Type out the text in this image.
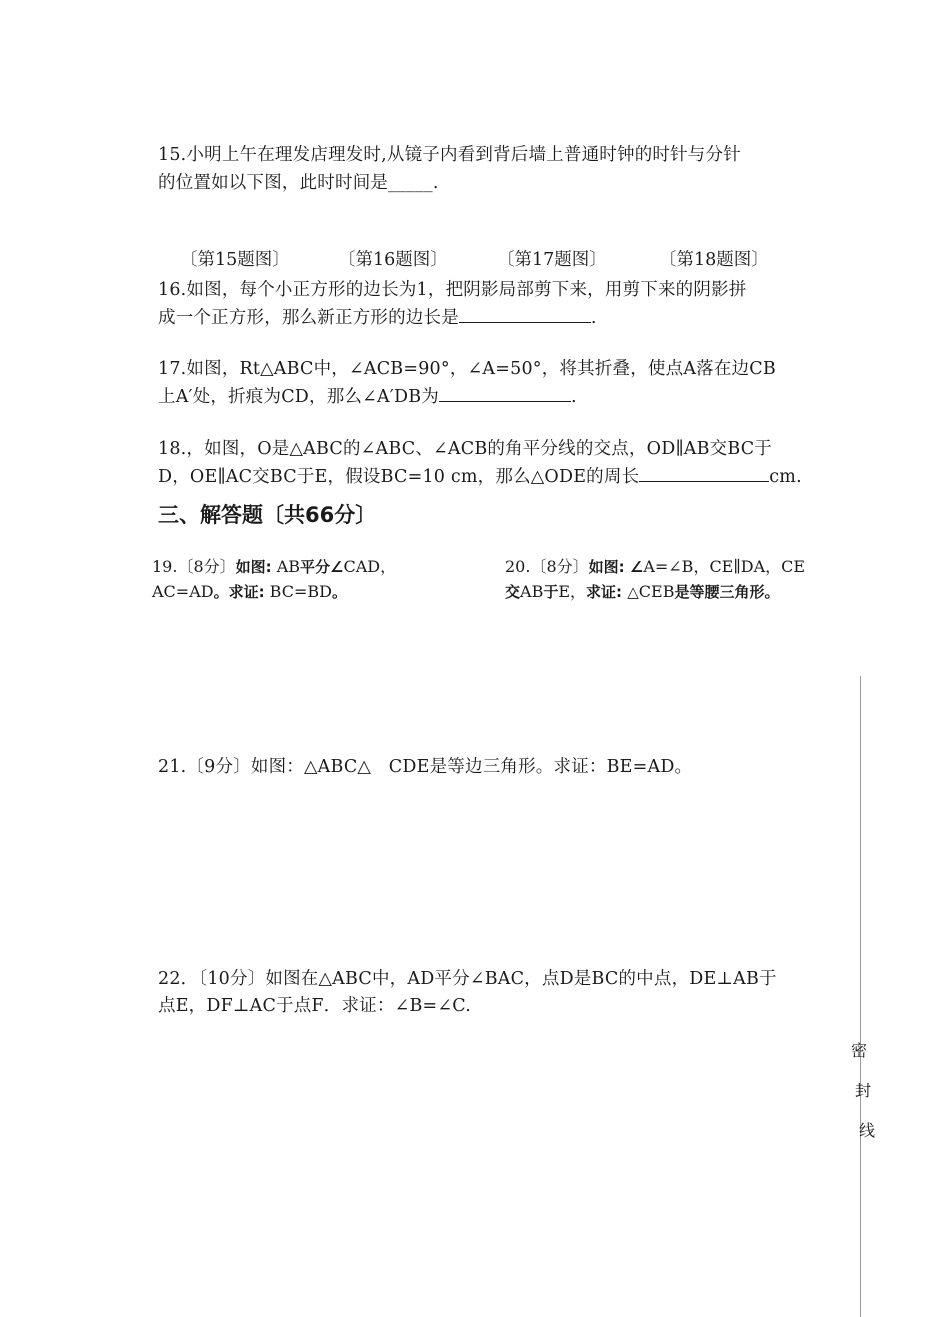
15.小明上午在理发店理发时,从镜子内看到背后墙上普通时钟的时针与分针
的位置如以下图，此时时间是_____.
〔第15题图〕	〔第16题图〕	〔第17题图〕	〔第18题图〕
16.如图，每个小正方形的边长为1，把阴影局部剪下来，用剪下来的阴影拼
成一个正方形，那么新正方形的边长是	.
17.如图，Rt△ABC中，∠ACB=90°，∠A=50°，将其折叠，使点A落在边CB
上A′处，折痕为CD，那么∠A′DB为	.
18.，如图，O是△ABC的∠ABC、∠ACB的角平分线的交点，OD∥AB交BC于
D，OE∥AC交BC于E，假设BC=10 cm，那么△ODE的周长	cm.
三、解答题〔共66分〕
19.〔8分〕如图: AB平分∠CAD，
AC=AD。求证: BC=BD。
20.〔8分〕如图: ∠A=∠B，CE∥DA，CE
交AB于E，求证: △CEB是等腰三角形。
21.〔9分〕如图：△ABC△　CDE是等边三角形。求证：BE=AD。
22．〔10分〕如图在△ABC中，AD平分∠BAC，点D是BC的中点，DE⊥AB于
点E，DF⊥AC于点F．求证：∠B=∠C.
密
封
线
